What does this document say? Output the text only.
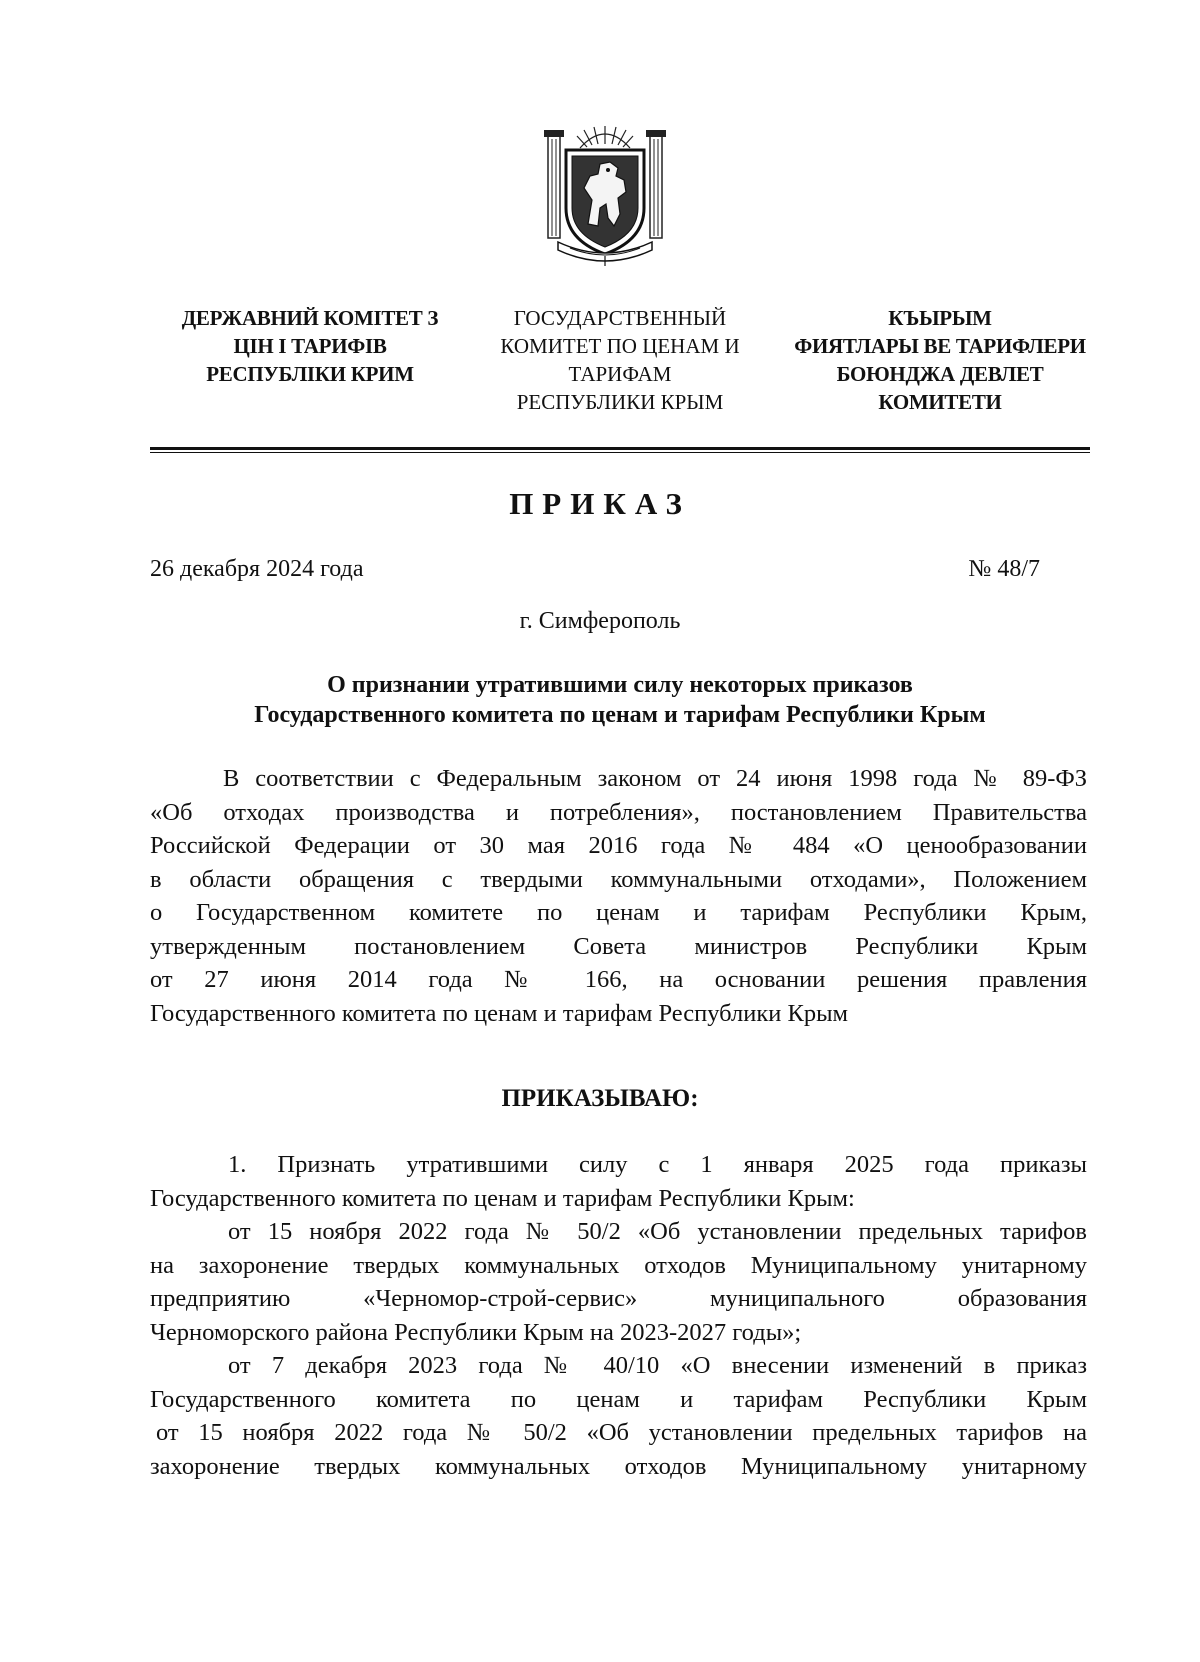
ДЕРЖАВНИЙ КОМІТЕТ З
ЦІН І ТАРИФІВ
РЕСПУБЛІКИ КРИМ
ГОСУДАРСТВЕННЫЙ
КОМИТЕТ ПО ЦЕНАМ И
ТАРИФАМ
РЕСПУБЛИКИ КРЫМ
КЪЫРЫМ
ФИЯТЛАРЫ ВЕ ТАРИФЛЕРИ
БОЮНДЖА ДЕВЛЕТ
КОМИТЕТИ
ПРИКАЗ
26 декабря 2024 года	№ 48/7
г. Симферополь
О признании утратившими силу некоторых приказов
Государственного комитета по ценам и тарифам Республики Крым
В соответствии с Федеральным законом от 24 июня 1998 года № 89-ФЗ
«Об отходах производства и потребления», постановлением Правительства
Российской Федерации от 30 мая 2016 года № 484 «О ценообразовании
в области обращения с твердыми коммунальными отходами», Положением
о Государственном комитете по ценам и тарифам Республики Крым,
утвержденным постановлением Совета министров Республики Крым
от 27 июня 2014 года № 166, на основании решения правления
Государственного комитета по ценам и тарифам Республики Крым
ПРИКАЗЫВАЮ:
1. Признать утратившими силу с 1 января 2025 года приказы
Государственного комитета по ценам и тарифам Республики Крым:
от 15 ноября 2022 года № 50/2 «Об установлении предельных тарифов
на захоронение твердых коммунальных отходов Муниципальному унитарному
предприятию «Черномор-строй-сервис» муниципального образования
Черноморского района Республики Крым на 2023-2027 годы»;
от 7 декабря 2023 года № 40/10 «О внесении изменений в приказ
Государственного комитета по ценам и тарифам Республики Крым
от 15 ноября 2022 года № 50/2 «Об установлении предельных тарифов на
захоронение твердых коммунальных отходов Муниципальному унитарному
